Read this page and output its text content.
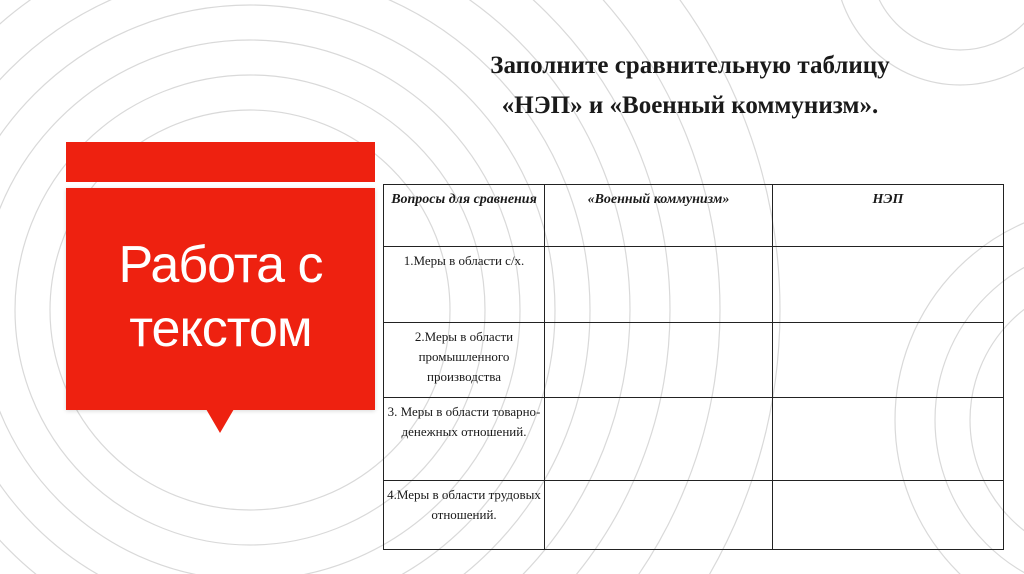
Работа с текстом
Заполните сравнительную таблицу
«НЭП» и «Военный коммунизм».
Вопросы для сравнения	«Военный коммунизм»	НЭП
1.Меры в области с/х.		
2.Меры в области промышленного производства		
3. Меры в области товарно-денежных отношений.		
4.Меры в области трудовых отношений.		
